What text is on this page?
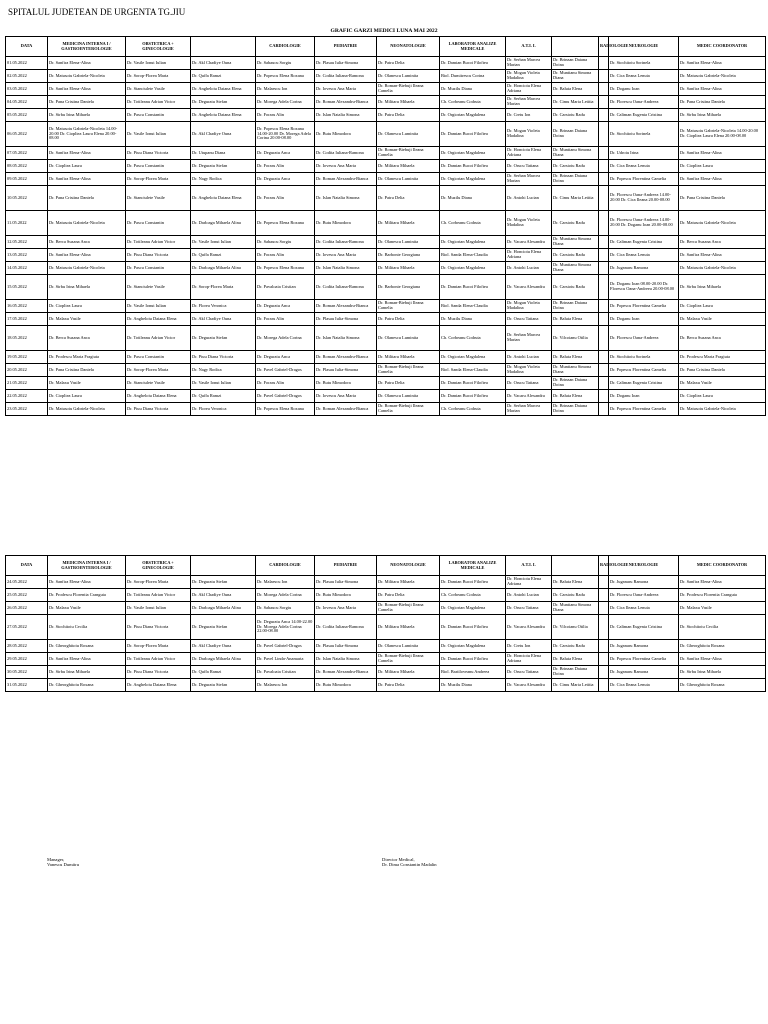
SPITALUL JUDETEAN DE URGENTA TG.JIU
GRAFIC GARZI MEDICI LUNA MAI 2022
DATA	MEDICINA INTERNA I / GASTROENTEROLOGIE	OBSTETRICA + GINECOLOGIE		CARDIOLOGIE	PEDIATRIE	NEONATOLOGIE	LABORATOR ANALIZE MEDICALE	A.T.I. I.		RADIOLOGIE	NEUROLOGIE	MEDIC COORDONATOR
01.05.2022	Dr. Sanfira Elena-Alina	Dr. Vasile Ionut Iulian	Dr. Akl Chadiye Ouna	Dr. Sabaucu Sorgiu	Dr. Plasau Iulia-Simona	Dr. Patru Delia	Dr. Damian Bucoi Filoftea	Dr. Serban Marcea Marian	Dr. Brinzan Daiana Doina		Dr. Stochitoiu Sorinela	Dr. Sanfira Elena-Alina
02.05.2022	Dr. Matusoiu Gabriela-Nicoleta	Dr. Sorop-Florea Maria	Dr. Quffa Ramzi	Dr. Popescu Elena Roxana	Dr. Codita Iuliana-Ramona	Dr. Olanescu Luminita	Biol. Dumitrescu Corina	Dr. Mogan Violeta Madalina	Dr. Muntianu Simona Diana		Dr. Cica Ileana Lenuta	Dr. Matusoiu Gabriela-Nicoleta
03.05.2022	Dr. Sanfira Elena-Alina	Dr. Stanciulete Vasile	Dr. Angheloiu Daiana Elena	Dr. Malaescu Ion	Dr. Iovescu Ana Maria	Dr. Roman-Biebuji Ileana Camelia	Dr. Muzilu Diana	Dr. Honcioiu Elena Adriana	Dr. Baluta Elena		Dr. Doganu Ioan	Dr. Sanfira Elena-Alina
04.05.2022	Dr. Pana Cristina Daniela	Dr. Totileanu Adrian Victor	Dr. Deguratu Stefan	Dr. Morega Adela Corina	Dr. Roman Alexandru-Bianca	Dr. Militaru Mihaela	Ch. Corbeanu Codruta	Dr. Serban Marcea Marian	Dr. Cimu Maria Letitia		Dr. Florescu Oana-Andreea	Dr. Pana Cristina Daniela
05.05.2022	Dr. Sirbu Irina Mihaela	Dr. Pascu Constantin	Dr. Angheloiu Daiana Elena	Dr. Foraru Alin	Dr. Islan Natalia Simona	Dr. Patru Delia	Dr. Orgiorian Magdalena	Dr. Cretu Ion	Dr. Carstoiu Radu		Dr. Caliman Eugenia Cristina	Dr. Sirbu Irina Mihaela
06.05.2022	Dr. Matusoiu Gabriela-Nicoleta 14.00-20.00 Dr. Ciopliea Laura Elena 20.00-08.00	Dr. Vasile Ionut Iulian	Dr. Akl Chadiye Ouna	Dr. Popescu Elena Roxana 14.00-20.00 Dr. Morega Adela Corina 20.00-08.00	Dr. Butu Mimodora	Dr. Olanescu Luminita	Dr. Damian Bucoi Filoftea	Dr. Mogan Violeta Madalina	Dr. Brinzan Daiana Doina		Dr. Stochitoiu Sorinela	Dr. Matusoiu Gabriela-Nicoleta 14.00-20.00 Dr. Ciopliea Laura Elena 20.00-08.00
07.05.2022	Dr. Sanfira Elena-Alina	Dr. Piuu Diana Victoria	Dr. Utupanu Diana	Dr. Deguratu Anca	Dr. Codita Iuliana-Ramona	Dr. Roman-Biebuji Ileana Camelia	Dr. Orgiorian Magdalena	Dr. Honcioiu Elena Adriana	Dr. Muntianu Simona Diana		Dr. Udroiu Irina	Dr. Sanfira Elena-Alina
08.05.2022	Dr. Ciopliea Laura	Dr. Pascu Constantin	Dr. Deguratu Stefan	Dr. Foraru Alin	Dr. Iovescu Ana Maria	Dr. Militaru Mihaela	Dr. Damian Bucoi Filoftea	Dr. Orucu Tatiana	Dr. Carstoiu Radu		Dr. Cica Ileana Lenuta	Dr. Ciopliea Laura
09.05.2022	Dr. Sanfira Elena-Alina	Dr. Sorop-Florea Maria	Dr. Nagy Rodica	Dr. Deguratu Anca	Dr. Roman Alexandru-Bianca	Dr. Olanescu Luminita	Dr. Orgiorian Magdalena	Dr. Serban Marcea Marian	Dr. Brinzan Daiana Doina		Dr. Popescu Florentina Camelia	Dr. Sanfira Elena-Alina
10.05.2022	Dr. Pana Cristina Daniela	Dr. Stanciulete Vasile	Dr. Angheloiu Daiana Elena	Dr. Foraru Alin	Dr. Islan Natalia Simona	Dr. Patru Delia	Dr. Muzilu Diana	Dr. Antohi Lucian	Dr. Cimu Maria Letitia		Dr. Florescu Oana-Andreea 14.00-20.00 Dr. Cica Ileana 20.00-08.00	Dr. Pana Cristina Daniela
11.05.2022	Dr. Matusoiu Gabriela-Nicoleta	Dr. Pascu Constantin	Dr. Darloaga Mihaela Alina	Dr. Popescu Elena Roxana	Dr. Butu Mimodora	Dr. Militaru Mihaela	Ch. Corbeanu Codruta	Dr. Mogan Violeta Madalina	Dr. Carstoiu Radu		Dr. Florescu Oana-Andreea 14.00-20.00 Dr. Doganu Ioan 20.00-08.00	Dr. Matusoiu Gabriela-Nicoleta
12.05.2022	Dr. Berca Suzana Anca	Dr. Totileanu Adrian Victor	Dr. Vasile Ionut Iulian	Dr. Sabaucu Sorgiu	Dr. Codita Iuliana-Ramona	Dr. Olanescu Luminita	Dr. Orgiorian Magdalena	Dr. Vacaru Alexandra	Dr. Muntianu Simona Diana		Dr. Caliman Eugenia Cristina	Dr. Berca Suzana Anca
13.05.2022	Dr. Sanfira Elena-Alina	Dr. Piuu Diana Victoria	Dr. Quffa Ramzi	Dr. Foraru Alin	Dr. Iovescu Ana Maria	Dr. Barbonie Georgiana	Biol. Sanda Elena-Claudia	Dr. Honcioiu Elena Adriana	Dr. Carstoiu Radu		Dr. Cica Ileana Lenuta	Dr. Sanfira Elena-Alina
14.05.2022	Dr. Matusoiu Gabriela-Nicoleta	Dr. Pascu Constantin	Dr. Darloaga Mihaela Alina	Dr. Popescu Elena Roxana	Dr. Islan Natalia Simona	Dr. Militaru Mihaela	Dr. Orgiorian Magdalena	Dr. Antohi Lucian	Dr. Muntianu Simona Diana		Dr. Juganaru Ramona	Dr. Matusoiu Gabriela-Nicoleta
15.05.2022	Dr. Sirbu Irina Mihaela	Dr. Stanciulete Vasile	Dr. Sorop-Florea Maria	Dr. Pavaloaia Cristian	Dr. Codita Iuliana-Ramona	Dr. Barbonie Georgiana	Dr. Damian Bucoi Filoftea	Dr. Vacaru Alexandra	Dr. Carstoiu Radu		Dr. Doganu Ioan 08.00-20.00 Dr. Florescu Oana-Andreea 20.00-08.00	Dr. Sirbu Irina Mihaela
16.05.2022	Dr. Ciopliea Laura	Dr. Vasile Ionut Iulian	Dr. Florea Veronica	Dr. Deguratu Anca	Dr. Roman Alexandru-Bianca	Dr. Roman-Biebuji Ileana Camelia	Biol. Sanda Elena-Claudia	Dr. Mogan Violeta Madalina	Dr. Brinzan Daiana Doina		Dr. Popescu Florentina Camelia	Dr. Ciopliea Laura
17.05.2022	Dr. Malaxu Vasile	Dr. Angheloiu Daiana Elena	Dr. Akl Chadiye Ouna	Dr. Foraru Alin	Dr. Plasau Iulia-Simona	Dr. Patru Delia	Dr. Muzilu Diana	Dr. Orucu Tatiana	Dr. Baluta Elena		Dr. Doganu Ioan	Dr. Malaxu Vasile
18.05.2022	Dr. Berca Suzana Anca	Dr. Totileanu Adrian Victor	Dr. Deguratu Stefan	Dr. Morega Adela Corina	Dr. Islan Natalia Simona	Dr. Olanescu Luminita	Ch. Corbeanu Codruta	Dr. Serban Marcea Marian	Dr. Vilcoianu Otilia		Dr. Florescu Oana-Andreea	Dr. Berca Suzana Anca
19.05.2022	Dr. Prodescu Maria Fragiuta	Dr. Pascu Constantin	Dr. Piuu Diana Victoria	Dr. Deguratu Anca	Dr. Roman Alexandru-Bianca	Dr. Militaru Mihaela	Dr. Orgiorian Magdalena	Dr. Antohi Lucian	Dr. Baluta Elena		Dr. Stochitoiu Sorinela	Dr. Prodescu Maria Fragiuta
20.05.2022	Dr. Pana Cristina Daniela	Dr. Sorop-Florea Maria	Dr. Nagy Rodica	Dr. Pavel Gabriel-Dragos	Dr. Plasau Iulia-Simona	Dr. Roman-Biebuji Ileana Camelia	Biol. Sanda Elena-Claudia	Dr. Mogan Violeta Madalina	Dr. Muntianu Simona Diana		Dr. Popescu Florentina Camelia	Dr. Pana Cristina Daniela
21.05.2022	Dr. Malaxu Vasile	Dr. Stanciulete Vasile	Dr. Vasile Ionut Iulian	Dr. Foraru Alin	Dr. Butu Mimodora	Dr. Patru Delia	Dr. Damian Bucoi Filoftea	Dr. Orucu Tatiana	Dr. Brinzan Daiana Doina		Dr. Caliman Eugenia Cristina	Dr. Malaxu Vasile
22.05.2022	Dr. Ciopliea Laura	Dr. Angheloiu Daiana Elena	Dr. Quffa Ramzi	Dr. Pavel Gabriel-Dragos	Dr. Iovescu Ana Maria	Dr. Olanescu Luminita	Dr. Damian Bucoi Filoftea	Dr. Vacaru Alexandra	Dr. Baluta Elena		Dr. Doganu Ioan	Dr. Ciopliea Laura
23.05.2022	Dr. Matusoiu Gabriela-Nicoleta	Dr. Piuu Diana Victoria	Dr. Florea Veronica	Dr. Popescu Elena Roxana	Dr. Roman Alexandru-Bianca	Dr. Roman-Biebuji Ileana Camelia	Ch. Corbeanu Codruta	Dr. Serban Marcea Marian	Dr. Brinzan Daiana Doina		Dr. Popescu Florentina Camelia	Dr. Matusoiu Gabriela-Nicoleta
DATA	MEDICINA INTERNA I / GASTROENTEROLOGIE	OBSTETRICA + GINECOLOGIE		CARDIOLOGIE	PEDIATRIE	NEONATOLOGIE	LABORATOR ANALIZE MEDICALE	A.T.I. I.		RADIOLOGIE	NEUROLOGIE	MEDIC COORDONATOR
24.05.2022	Dr. Sanfira Elena-Alina	Dr. Sorop-Florea Maria	Dr. Deguratu Stefan	Dr. Malaescu Ion	Dr. Plasau Iulia-Simona	Dr. Militaru Mihaela	Dr. Damian Bucoi Filoftea	Dr. Honcioiu Elena Adriana	Dr. Baluta Elena		Dr. Juganaru Ramona	Dr. Sanfira Elena-Alina
25.05.2022	Dr. Prodescu Florentia Cranguta	Dr. Totileanu Adrian Victor	Dr. Akl Chadiye Ouna	Dr. Morega Adela Corina	Dr. Butu Mimodora	Dr. Patru Delia	Ch. Corbeanu Codruta	Dr. Antohi Lucian	Dr. Carstoiu Radu		Dr. Florescu Oana-Andreea	Dr. Prodescu Florentia Cranguta
26.05.2022	Dr. Malaxu Vasile	Dr. Vasile Ionut Iulian	Dr. Darloaga Mihaela Alina	Dr. Sabaucu Sorgiu	Dr. Iovescu Ana Maria	Dr. Roman-Biebuji Ileana Camelia	Dr. Orgiorian Magdalena	Dr. Orucu Tatiana	Dr. Muntianu Simona Diana		Dr. Cica Ileana Lenuta	Dr. Malaxu Vasile
27.05.2022	Dr. Stochitoiu Cecilia	Dr. Piuu Diana Victoria	Dr. Deguratu Stefan	Dr. Deguratu Anca 14.00-22.00 Dr. Morega Adela Corina 22.00-08.00	Dr. Codita Iuliana-Ramona	Dr. Militaru Mihaela	Dr. Damian Bucoi Filoftea	Dr. Vacaru Alexandra	Dr. Vilcoianu Otilia		Dr. Caliman Eugenia Cristina	Dr. Stochitoiu Cecilia
28.05.2022	Dr. Gheorghitoiu Roxana	Dr. Sorop-Florea Maria	Dr. Akl Chadiye Ouna	Dr. Pavel Gabriel-Dragos	Dr. Plasau Iulia-Simona	Dr. Olanescu Luminita	Dr. Orgiorian Magdalena	Dr. Cretu Ion	Dr. Carstoiu Radu		Dr. Juganaru Ramona	Dr. Gheorghitoiu Roxana
29.05.2022	Dr. Sanfira Elena-Alina	Dr. Totileanu Adrian Victor	Dr. Darloaga Mihaela Alina	Dr. Pavel Linda-Anamaria	Dr. Islan Natalia Simona	Dr. Roman-Biebuji Ileana Camelia	Dr. Damian Bucoi Filoftea	Dr. Honcioiu Elena Adriana	Dr. Baluta Elena		Dr. Popescu Florentina Camelia	Dr. Sanfira Elena-Alina
30.05.2022	Dr. Sirbu Irina Mihaela	Dr. Piuu Diana Victoria	Dr. Quffa Ramzi	Dr. Pavaloaia Cristian	Dr. Roman Alexandru-Bianca	Dr. Militaru Mihaela	Biol. Bratiloveanu Andreea	Dr. Orucu Tatiana	Dr. Brinzan Daiana Doina		Dr. Juganaru Ramona	Dr. Sirbu Irina Mihaela
31.05.2022	Dr. Gheorghitoiu Roxana	Dr. Angheloiu Daiana Elena	Dr. Deguratu Stefan	Dr. Malaescu Ion	Dr. Butu Mimodora	Dr. Patru Delia	Dr. Muzilu Diana	Dr. Vacaru Alexandra	Dr. Cimu Maria Letitia		Dr. Cica Ileana Lenuta	Dr. Gheorghitoiu Roxana
Manager,
Vanescu Dumitru
Director Medical,
Dr. Dima Constantin Madalin
